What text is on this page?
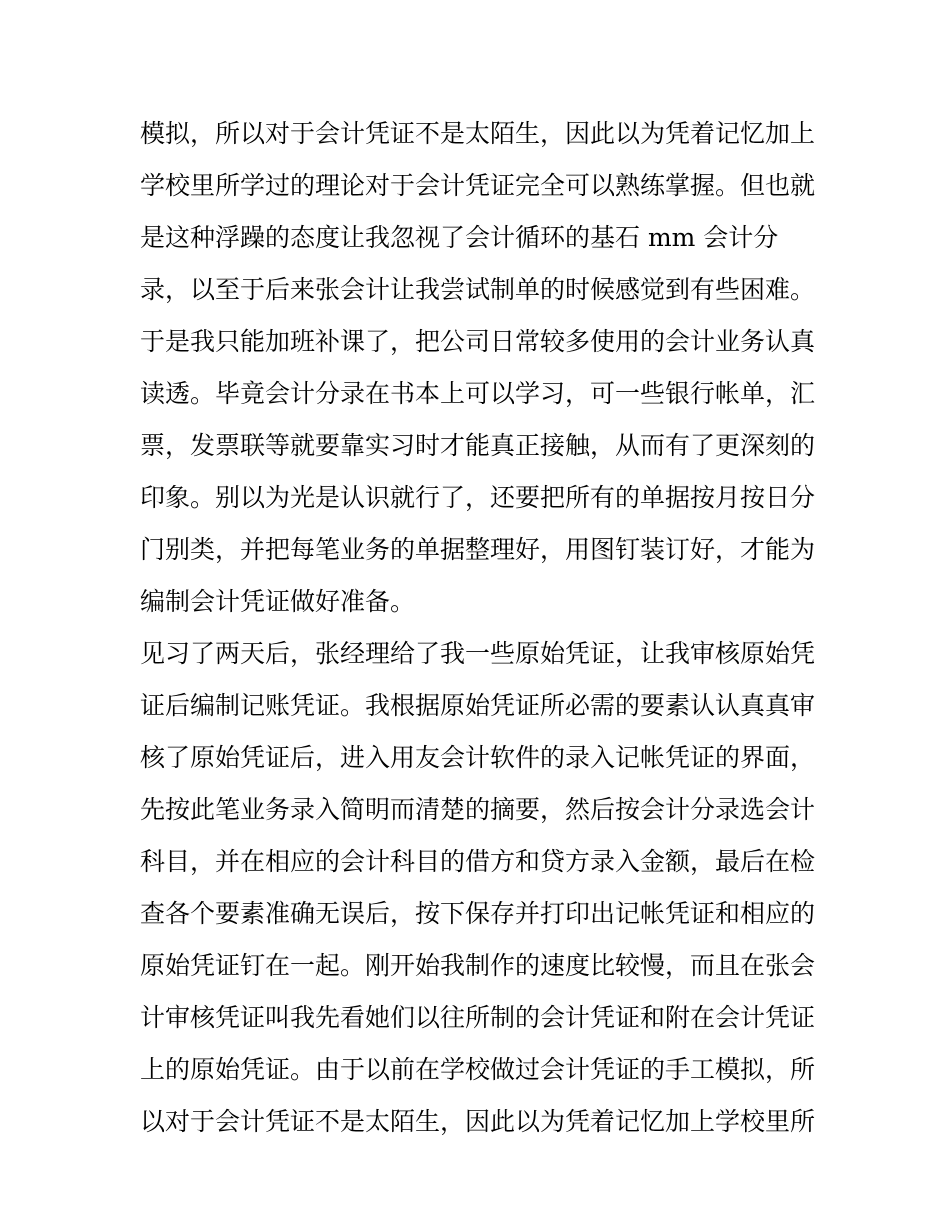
模拟，所以对于会计凭证不是太陌生，因此以为凭着记忆加上
学校里所学过的理论对于会计凭证完全可以熟练掌握。但也就
是这种浮躁的态度让我忽视了会计循环的基石 mm 会计分
录，以至于后来张会计让我尝试制单的时候感觉到有些困难。
于是我只能加班补课了，把公司日常较多使用的会计业务认真
读透。毕竟会计分录在书本上可以学习，可一些银行帐单，汇
票，发票联等就要靠实习时才能真正接触，从而有了更深刻的
印象。别以为光是认识就行了，还要把所有的单据按月按日分
门别类，并把每笔业务的单据整理好，用图钉装订好，才能为
编制会计凭证做好准备。
见习了两天后，张经理给了我一些原始凭证，让我审核原始凭
证后编制记账凭证。我根据原始凭证所必需的要素认认真真审
核了原始凭证后，进入用友会计软件的录入记帐凭证的界面，
先按此笔业务录入简明而清楚的摘要，然后按会计分录选会计
科目，并在相应的会计科目的借方和贷方录入金额，最后在检
查各个要素准确无误后，按下保存并打印出记帐凭证和相应的
原始凭证钉在一起。刚开始我制作的速度比较慢，而且在张会
计审核凭证叫我先看她们以往所制的会计凭证和附在会计凭证
上的原始凭证。由于以前在学校做过会计凭证的手工模拟，所
以对于会计凭证不是太陌生，因此以为凭着记忆加上学校里所
